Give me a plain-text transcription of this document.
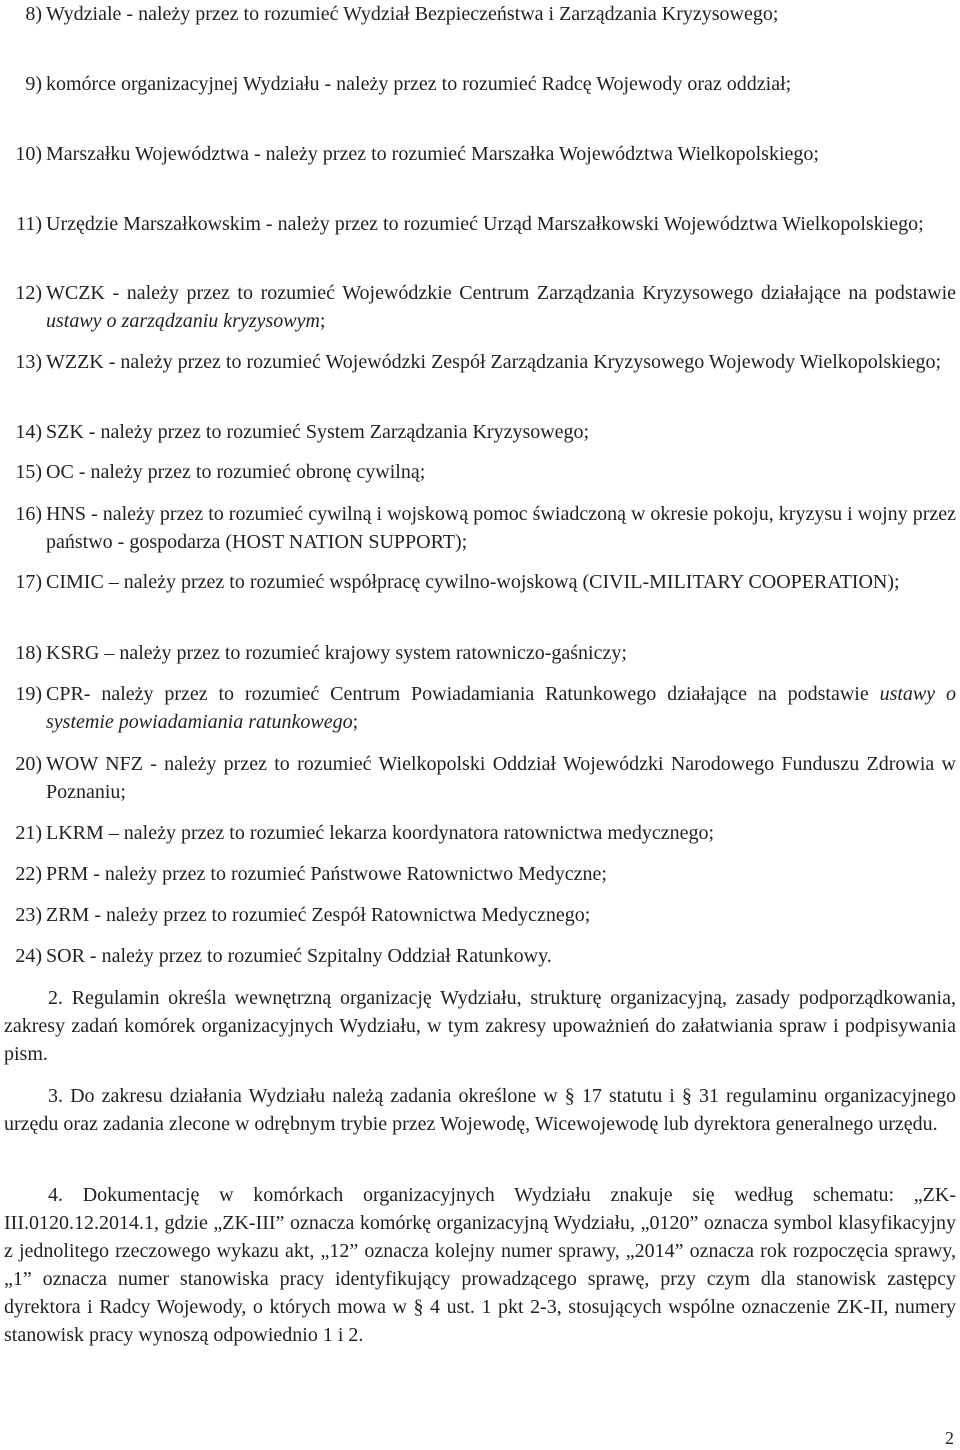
8) Wydziale - należy przez to rozumieć Wydział Bezpieczeństwa i Zarządzania Kryzysowego;
9) komórce organizacyjnej Wydziału - należy przez to rozumieć Radcę Wojewody oraz oddział;
10) Marszałku Województwa - należy przez to rozumieć Marszałka Województwa Wielkopolskiego;
11) Urzędzie Marszałkowskim - należy przez to rozumieć Urząd Marszałkowski Województwa Wielkopolskiego;
12) WCZK - należy przez to rozumieć Wojewódzkie Centrum Zarządzania Kryzysowego działające na podstawie ustawy o zarządzaniu kryzysowym;
13) WZZK - należy przez to rozumieć Wojewódzki Zespół Zarządzania Kryzysowego Wojewody Wielkopolskiego;
14) SZK - należy przez to rozumieć System Zarządzania Kryzysowego;
15) OC - należy przez to rozumieć obronę cywilną;
16) HNS - należy przez to rozumieć cywilną i wojskową pomoc świadczoną w okresie pokoju, kryzysu i wojny przez państwo - gospodarza (HOST NATION SUPPORT);
17) CIMIC – należy przez to rozumieć współpracę cywilno-wojskową (CIVIL-MILITARY COOPERATION);
18) KSRG – należy przez to rozumieć krajowy system ratowniczo-gaśniczy;
19) CPR- należy przez to rozumieć Centrum Powiadamiania Ratunkowego działające na podstawie ustawy o systemie powiadamiania ratunkowego;
20) WOW NFZ - należy przez to rozumieć Wielkopolski Oddział Wojewódzki Narodowego Funduszu Zdrowia w Poznaniu;
21) LKRM – należy przez to rozumieć lekarza koordynatora ratownictwa medycznego;
22) PRM - należy przez to rozumieć Państwowe Ratownictwo Medyczne;
23) ZRM - należy przez to rozumieć Zespół Ratownictwa Medycznego;
24) SOR - należy przez to rozumieć Szpitalny Oddział Ratunkowy.
2. Regulamin określa wewnętrzną organizację Wydziału, strukturę organizacyjną, zasady podporządkowania, zakresy zadań komórek organizacyjnych Wydziału, w tym zakresy upoważnień do załatwiania spraw i podpisywania pism.
3. Do zakresu działania Wydziału należą zadania określone w § 17 statutu i § 31 regulaminu organizacyjnego urzędu oraz zadania zlecone w odrębnym trybie przez Wojewodę, Wicewojewodę lub dyrektora generalnego urzędu.
4. Dokumentację w komórkach organizacyjnych Wydziału znakuje się według schematu: „ZK-III.0120.12.2014.1, gdzie „ZK-III” oznacza komórkę organizacyjną Wydziału, „0120” oznacza symbol klasyfikacyjny z jednolitego rzeczowego wykazu akt, „12” oznacza kolejny numer sprawy, „2014” oznacza rok rozpoczęcia sprawy, „1” oznacza numer stanowiska pracy identyfikujący prowadzącego sprawę, przy czym dla stanowisk zastępcy dyrektora i Radcy Wojewody, o których mowa w § 4 ust. 1 pkt 2-3, stosujących wspólne oznaczenie ZK-II, numery stanowisk pracy wynoszą odpowiednio 1 i 2.
2
